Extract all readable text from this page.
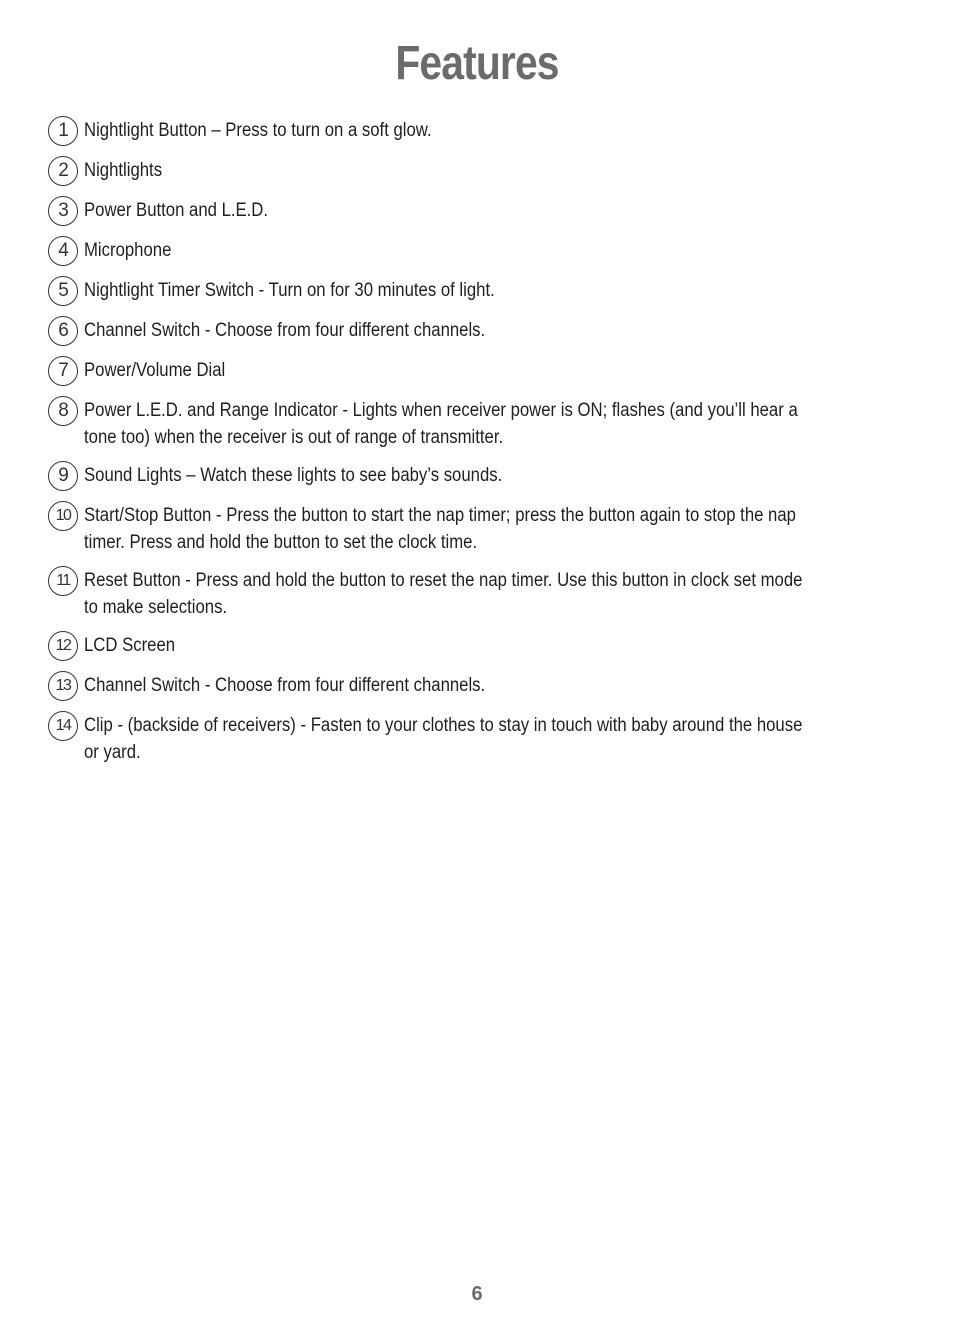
Features
1 Nightlight Button – Press to turn on a soft glow.
2 Nightlights
3 Power Button and L.E.D.
4 Microphone
5 Nightlight Timer Switch - Turn on for 30 minutes of light.
6 Channel Switch - Choose from four different channels.
7 Power/Volume Dial
8 Power L.E.D. and Range Indicator - Lights when receiver power is ON; flashes (and you’ll hear a tone too) when the receiver is out of range of transmitter.
9 Sound Lights – Watch these lights to see baby’s sounds.
10 Start/Stop Button - Press the button to start the nap timer; press the button again to stop the nap timer. Press and hold the button to set the clock time.
11 Reset Button - Press and hold the button to reset the nap timer. Use this button in clock set mode to make selections.
12 LCD Screen
13 Channel Switch - Choose from four different channels.
14 Clip - (backside of receivers) - Fasten to your clothes to stay in touch with baby around the house or yard.
6
